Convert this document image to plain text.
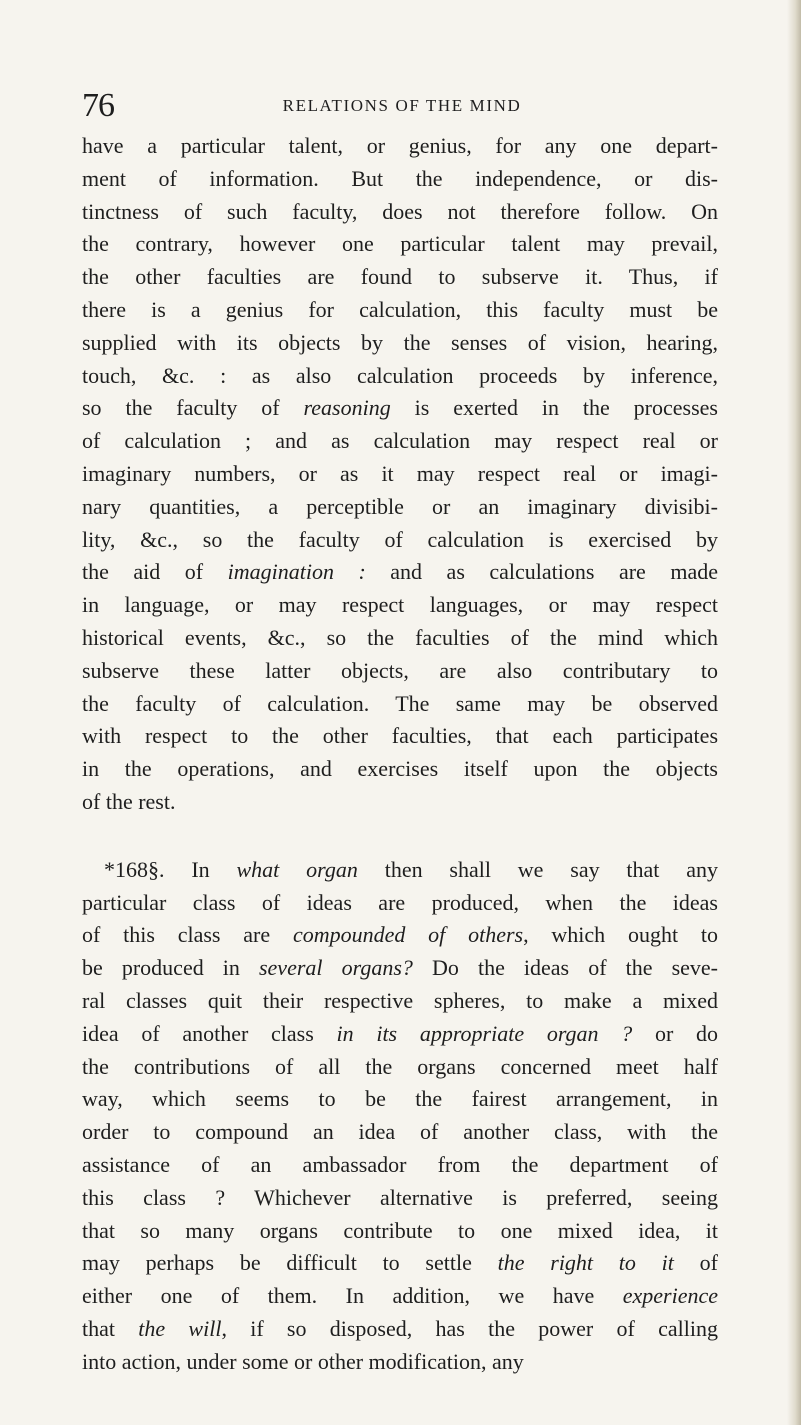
76	RELATIONS OF THE MIND
have a particular talent, or genius, for any one depart-
ment of information. But the independence, or dis-
tinctness of such faculty, does not therefore follow. On
the contrary, however one particular talent may prevail,
the other faculties are found to subserve it. Thus, if
there is a genius for calculation, this faculty must be
supplied with its objects by the senses of vision, hearing,
touch, &c. : as also calculation proceeds by inference,
so the faculty of reasoning is exerted in the processes
of calculation ; and as calculation may respect real or
imaginary numbers, or as it may respect real or imagi-
nary quantities, a perceptible or an imaginary divisibi-
lity, &c., so the faculty of calculation is exercised by
the aid of imagination : and as calculations are made
in language, or may respect languages, or may respect
historical events, &c., so the faculties of the mind which
subserve these latter objects, are also contributary to
the faculty of calculation. The same may be observed
with respect to the other faculties, that each participates
in the operations, and exercises itself upon the objects
of the rest.
*168§. In what organ then shall we say that any
particular class of ideas are produced, when the ideas
of this class are compounded of others, which ought to
be produced in several organs? Do the ideas of the seve-
ral classes quit their respective spheres, to make a mixed
idea of another class in its appropriate organ ? or do
the contributions of all the organs concerned meet half
way, which seems to be the fairest arrangement, in
order to compound an idea of another class, with the
assistance of an ambassador from the department of
this class ? Whichever alternative is preferred, seeing
that so many organs contribute to one mixed idea, it
may perhaps be difficult to settle the right to it of
either one of them. In addition, we have experience
that the will, if so disposed, has the power of calling
into action, under some or other modification, any
